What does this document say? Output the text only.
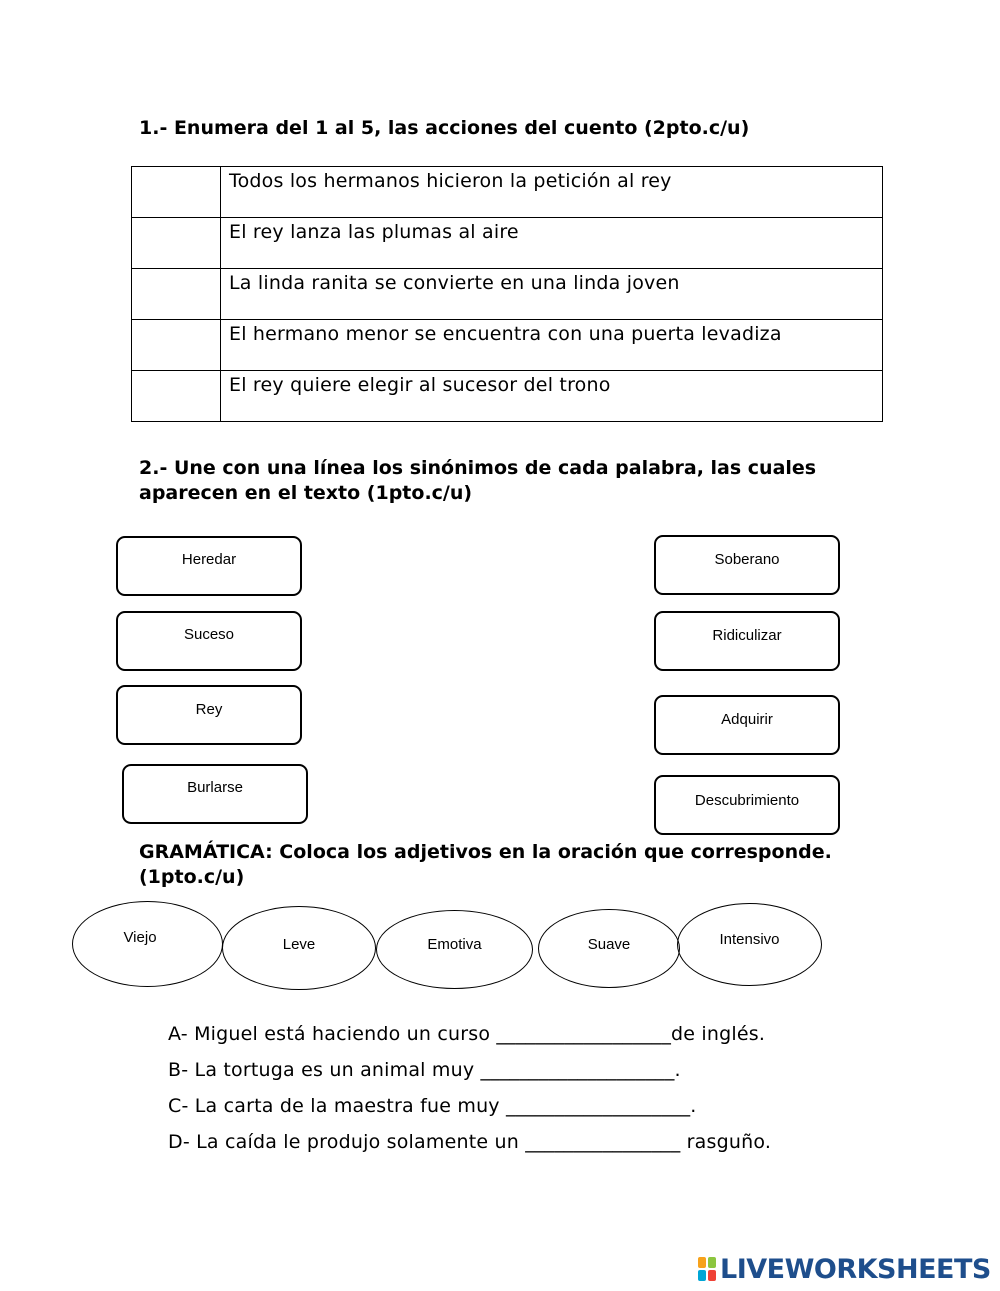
1.- Enumera del 1 al 5, las acciones del cuento (2pto.c/u)

	Todos los hermanos hicieron la petición al rey
	El rey lanza las plumas al aire
	La linda ranita se convierte en una linda joven
	El hermano menor se encuentra con una puerta levadiza
	El rey quiere elegir al sucesor del trono

2.- Une con una línea los sinónimos de cada palabra, las cuales aparecen en el texto (1pto.c/u)

Heredar
Suceso
Rey
Burlarse
Soberano
Ridiculizar
Adquirir
Descubrimiento

GRAMÁTICA: Coloca los adjetivos en la oración que corresponde. (1pto.c/u)

Viejo	Leve	Emotiva	Suave	Intensivo
A- Miguel está haciendo un curso __________________de inglés.
B- La tortuga es un animal muy ____________________.
C- La carta de la maestra fue muy ___________________.
D- La caída le produjo solamente un ________________ rasguño.
LIVEWORKSHEETS
